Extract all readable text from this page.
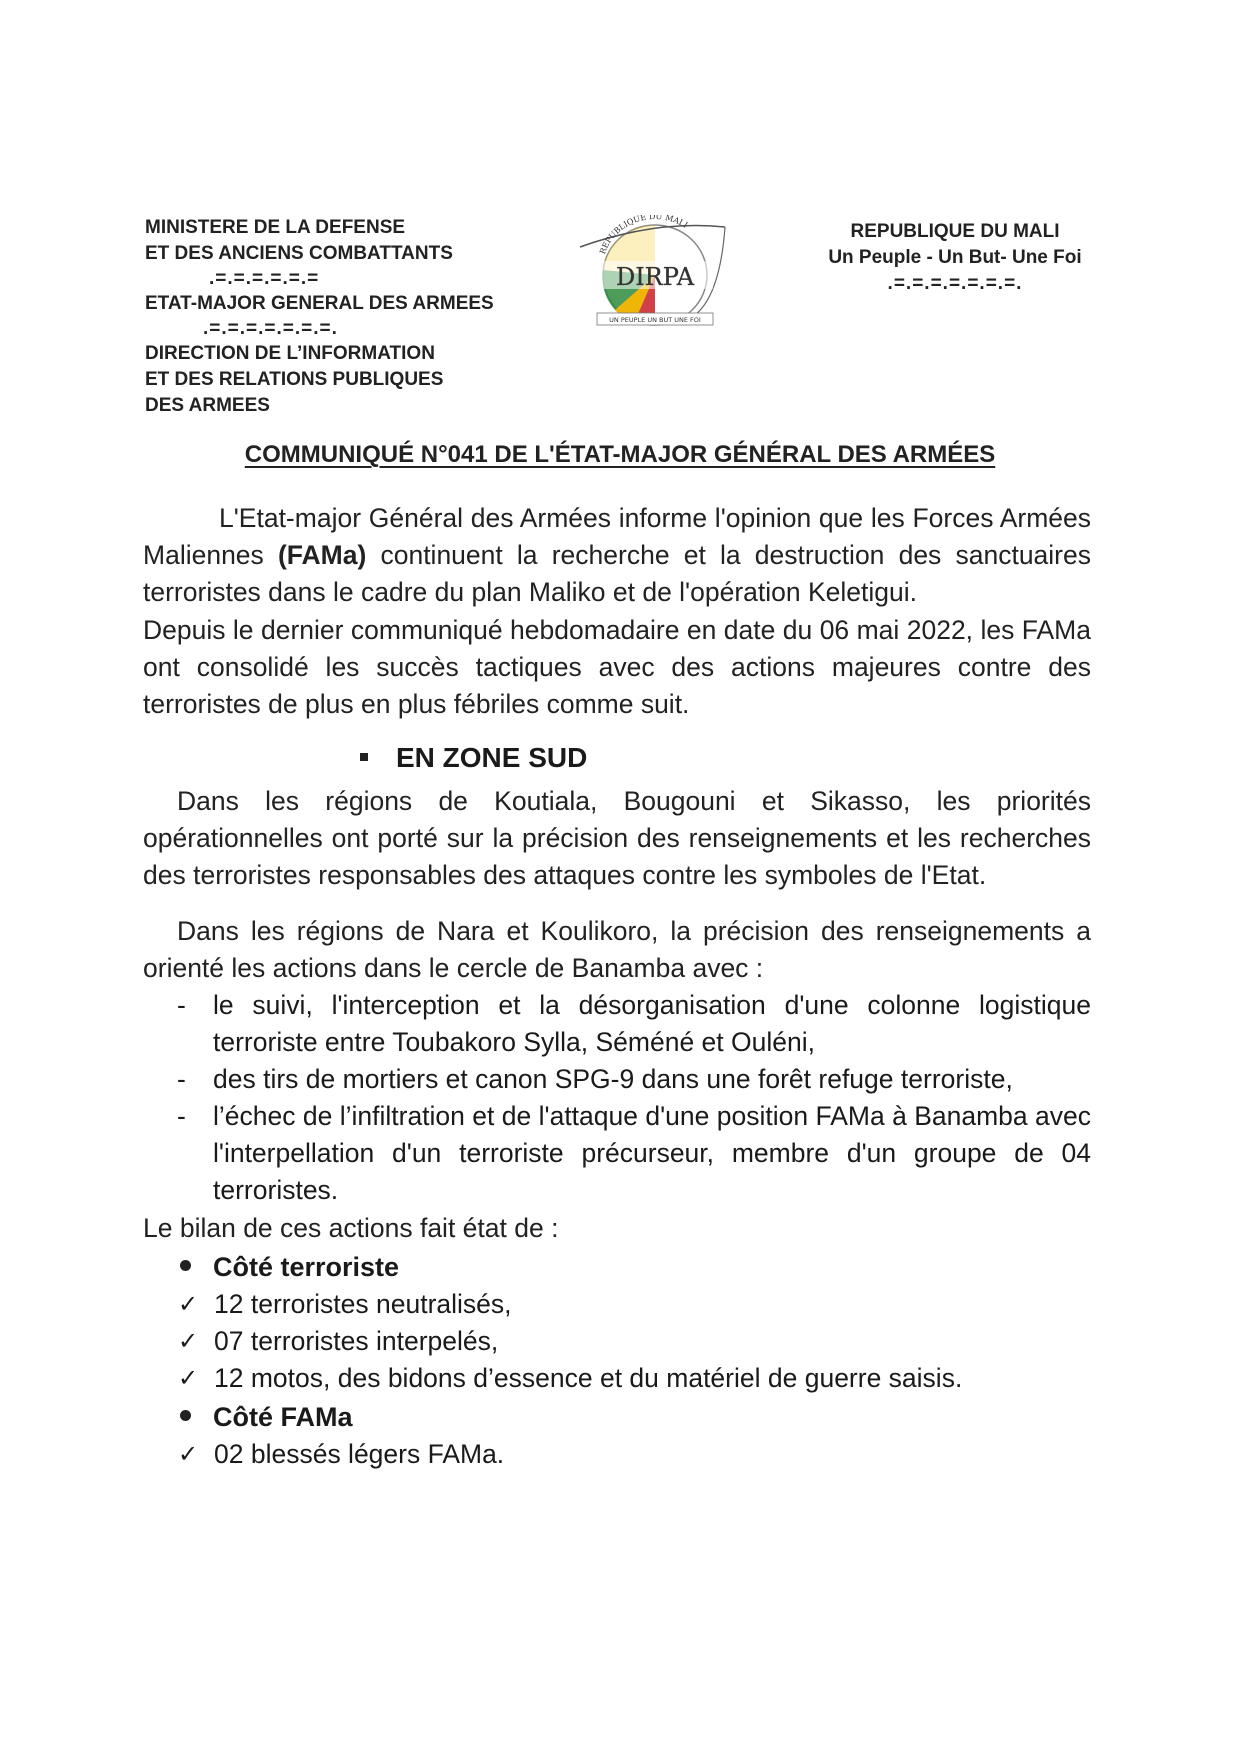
MINISTERE DE LA DEFENSE
ET DES ANCIENS COMBATTANTS
.=.=.=.=.=.=
ETAT-MAJOR GENERAL DES ARMEES
.=.=.=.=.=.=.=.
DIRECTION DE L’INFORMATION
ET DES RELATIONS PUBLIQUES
DES ARMEES
REPUBLIQUE DU MALI
DIRPA
UN PEUPLE UN BUT UNE FOI
REPUBLIQUE DU MALI
Un Peuple - Un But- Une Foi
.=.=.=.=.=.=.=.
COMMUNIQUÉ N°041 DE L'ÉTAT-MAJOR GÉNÉRAL DES ARMÉES
L'Etat-major Général des Armées informe l'opinion que les Forces Armées Maliennes (FAMa) continuent la recherche et la destruction des sanctuaires terroristes dans le cadre du plan Maliko et de l'opération Keletigui.
Depuis le dernier communiqué hebdomadaire en date du 06 mai 2022, les FAMa ont consolidé les succès tactiques avec des actions majeures contre des terroristes de plus en plus fébriles comme suit.
EN ZONE SUD
Dans les régions de Koutiala, Bougouni et Sikasso, les priorités opérationnelles ont porté sur la précision des renseignements et les recherches des terroristes responsables des attaques contre les symboles de l'Etat.
Dans les régions de Nara et Koulikoro, la précision des renseignements a orienté les actions dans le cercle de Banamba avec :
- le suivi, l'interception et la désorganisation d'une colonne logistique terroriste entre Toubakoro Sylla, Séméné et Ouléni,
- des tirs de mortiers et canon SPG-9 dans une forêt refuge terroriste,
- l’échec de l’infiltration et de l'attaque d'une position FAMa à Banamba avec l'interpellation d'un terroriste précurseur, membre d'un groupe de 04 terroristes.
Le bilan de ces actions fait état de :
Côté terroriste
✓ 12 terroristes neutralisés,
✓ 07 terroristes interpelés,
✓ 12 motos, des bidons d’essence et du matériel de guerre saisis.
Côté FAMa
✓ 02 blessés légers FAMa.
